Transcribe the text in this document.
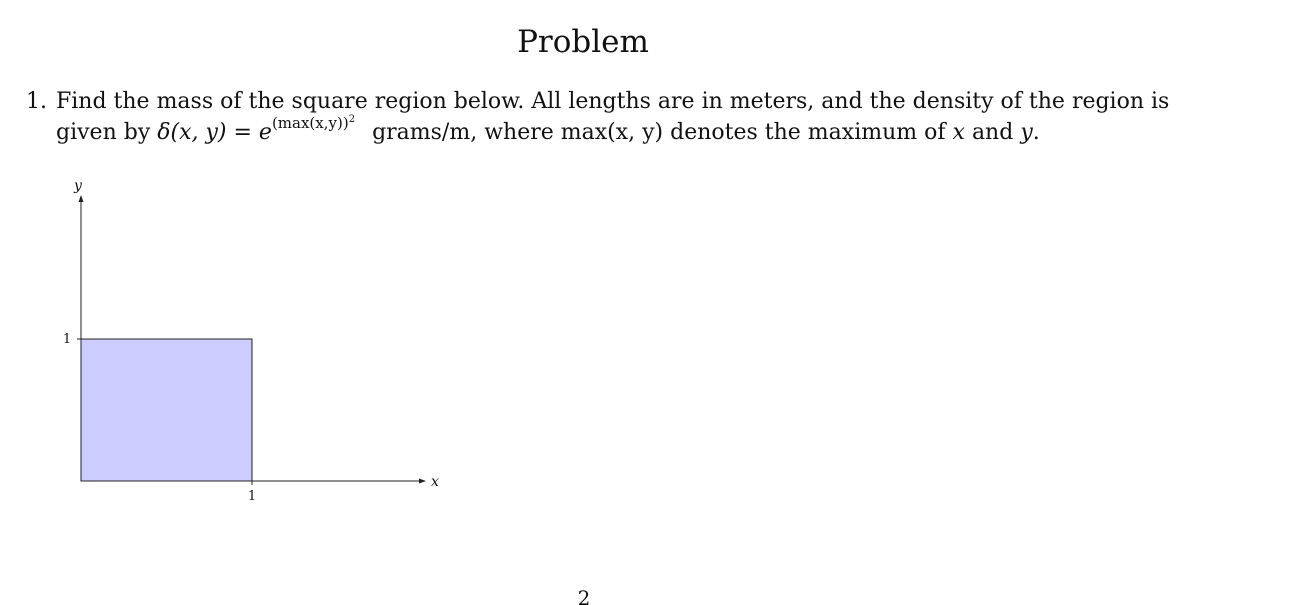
Problem
1. Find the mass of the square region below. All lengths are in meters, and the density of the region is
given by δ(x, $y) = e^{(max(x,y))^2}$ grams/m, where max(x, y) denotes the maximum of x and y.
y
x
1
1
2
